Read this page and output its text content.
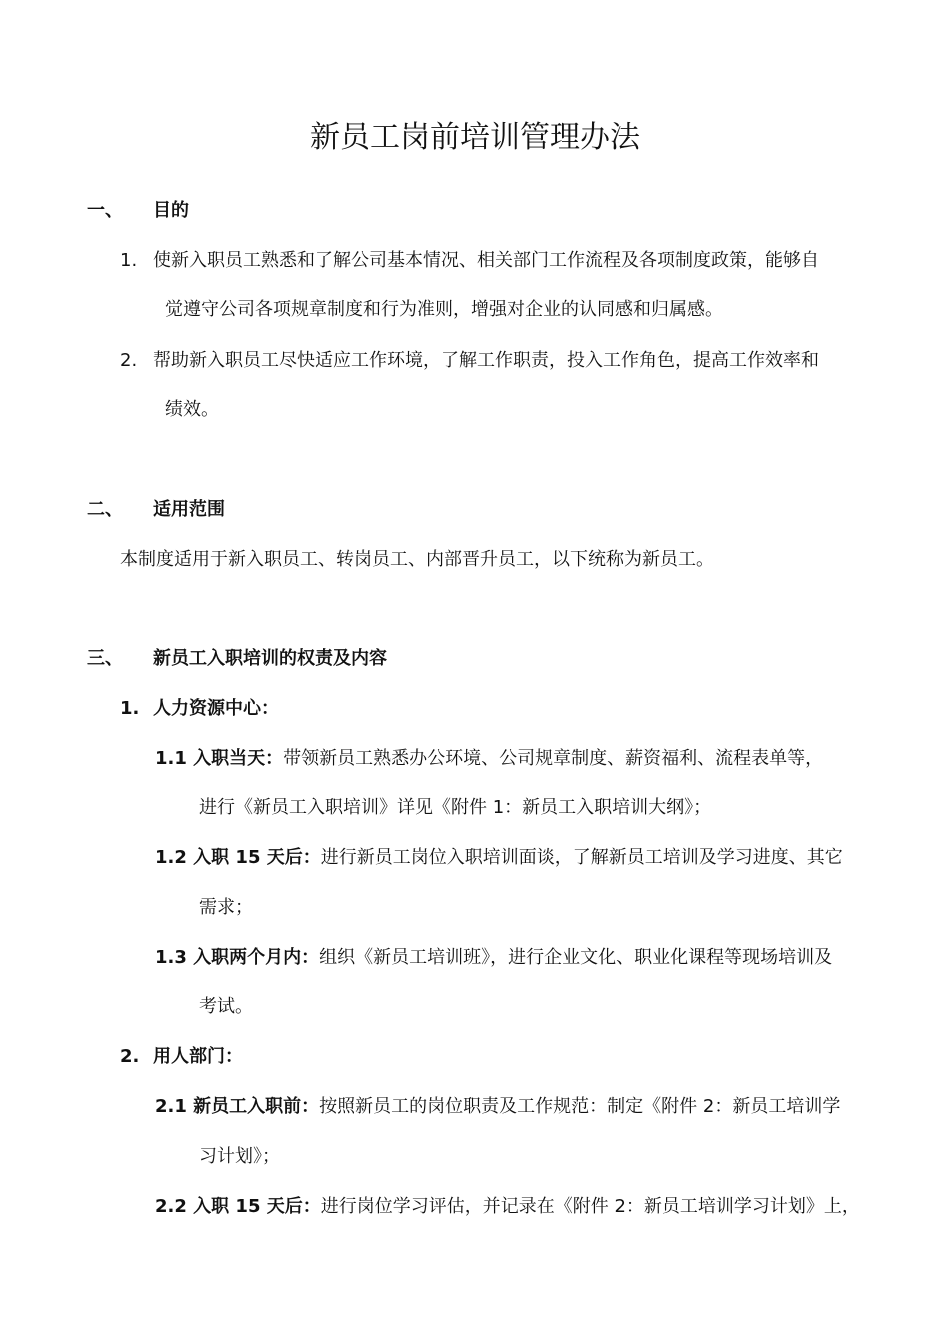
新员工岗前培训管理办法
一、 目的
1. 使新入职员工熟悉和了解公司基本情况、相关部门工作流程及各项制度政策，能够自
觉遵守公司各项规章制度和行为准则，增强对企业的认同感和归属感。
2. 帮助新入职员工尽快适应工作环境，了解工作职责，投入工作角色，提高工作效率和
绩效。
二、 适用范围
本制度适用于新入职员工、转岗员工、内部晋升员工，以下统称为新员工。
三、 新员工入职培训的权责及内容
1. 人力资源中心：
1.1 入职当天：带领新员工熟悉办公环境、公司规章制度、薪资福利、流程表单等，
进行《新员工入职培训》详见《附件 1：新员工入职培训大纲》；
1.2 入职 15 天后：进行新员工岗位入职培训面谈，了解新员工培训及学习进度、其它
需求；
1.3 入职两个月内：组织《新员工培训班》，进行企业文化、职业化课程等现场培训及
考试。
2. 用人部门：
2.1 新员工入职前：按照新员工的岗位职责及工作规范：制定《附件 2：新员工培训学
习计划》；
2.2 入职 15 天后：进行岗位学习评估，并记录在《附件 2：新员工培训学习计划》上，
